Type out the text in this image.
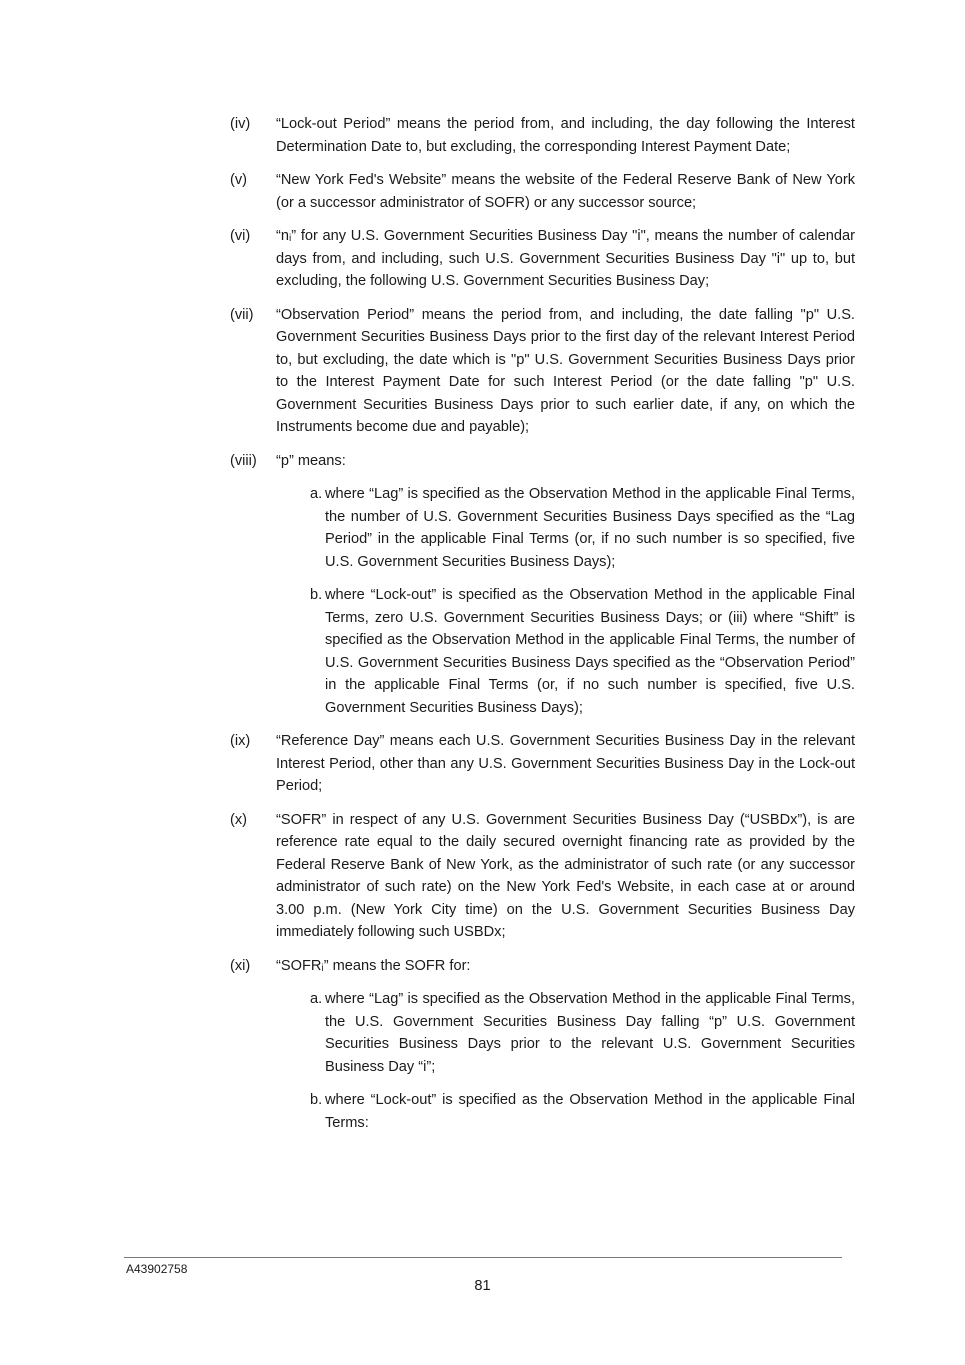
(iv)	“Lock-out Period” means the period from, and including, the day following the Interest Determination Date to, but excluding, the corresponding Interest Payment Date;
(v)	“New York Fed's Website” means the website of the Federal Reserve Bank of New York (or a successor administrator of SOFR) or any successor source;
(vi)	“nᵢ” for any U.S. Government Securities Business Day "i", means the number of calendar days from, and including, such U.S. Government Securities Business Day "i" up to, but excluding, the following U.S. Government Securities Business Day;
(vii)	“Observation Period” means the period from, and including, the date falling "p" U.S. Government Securities Business Days prior to the first day of the relevant Interest Period to, but excluding, the date which is "p" U.S. Government Securities Business Days prior to the Interest Payment Date for such Interest Period (or the date falling "p" U.S. Government Securities Business Days prior to such earlier date, if any, on which the Instruments become due and payable);
(viii)	“p” means:
a. where “Lag” is specified as the Observation Method in the applicable Final Terms, the number of U.S. Government Securities Business Days specified as the “Lag Period” in the applicable Final Terms (or, if no such number is so specified, five U.S. Government Securities Business Days);
b. where “Lock-out” is specified as the Observation Method in the applicable Final Terms, zero U.S. Government Securities Business Days; or (iii) where “Shift” is specified as the Observation Method in the applicable Final Terms, the number of U.S. Government Securities Business Days specified as the “Observation Period” in the applicable Final Terms (or, if no such number is specified, five U.S. Government Securities Business Days);
(ix)	“Reference Day” means each U.S. Government Securities Business Day in the relevant Interest Period, other than any U.S. Government Securities Business Day in the Lock-out Period;
(x)	“SOFR” in respect of any U.S. Government Securities Business Day (“USBDx”), is are reference rate equal to the daily secured overnight financing rate as provided by the Federal Reserve Bank of New York, as the administrator of such rate (or any successor administrator of such rate) on the New York Fed's Website, in each case at or around 3.00 p.m. (New York City time) on the U.S. Government Securities Business Day immediately following such USBDx;
(xi)	“SOFRᵢ” means the SOFR for:
a. where “Lag” is specified as the Observation Method in the applicable Final Terms, the U.S. Government Securities Business Day falling “p” U.S. Government Securities Business Days prior to the relevant U.S. Government Securities Business Day “i”;
b. where “Lock-out” is specified as the Observation Method in the applicable Final Terms:
A43902758
81
